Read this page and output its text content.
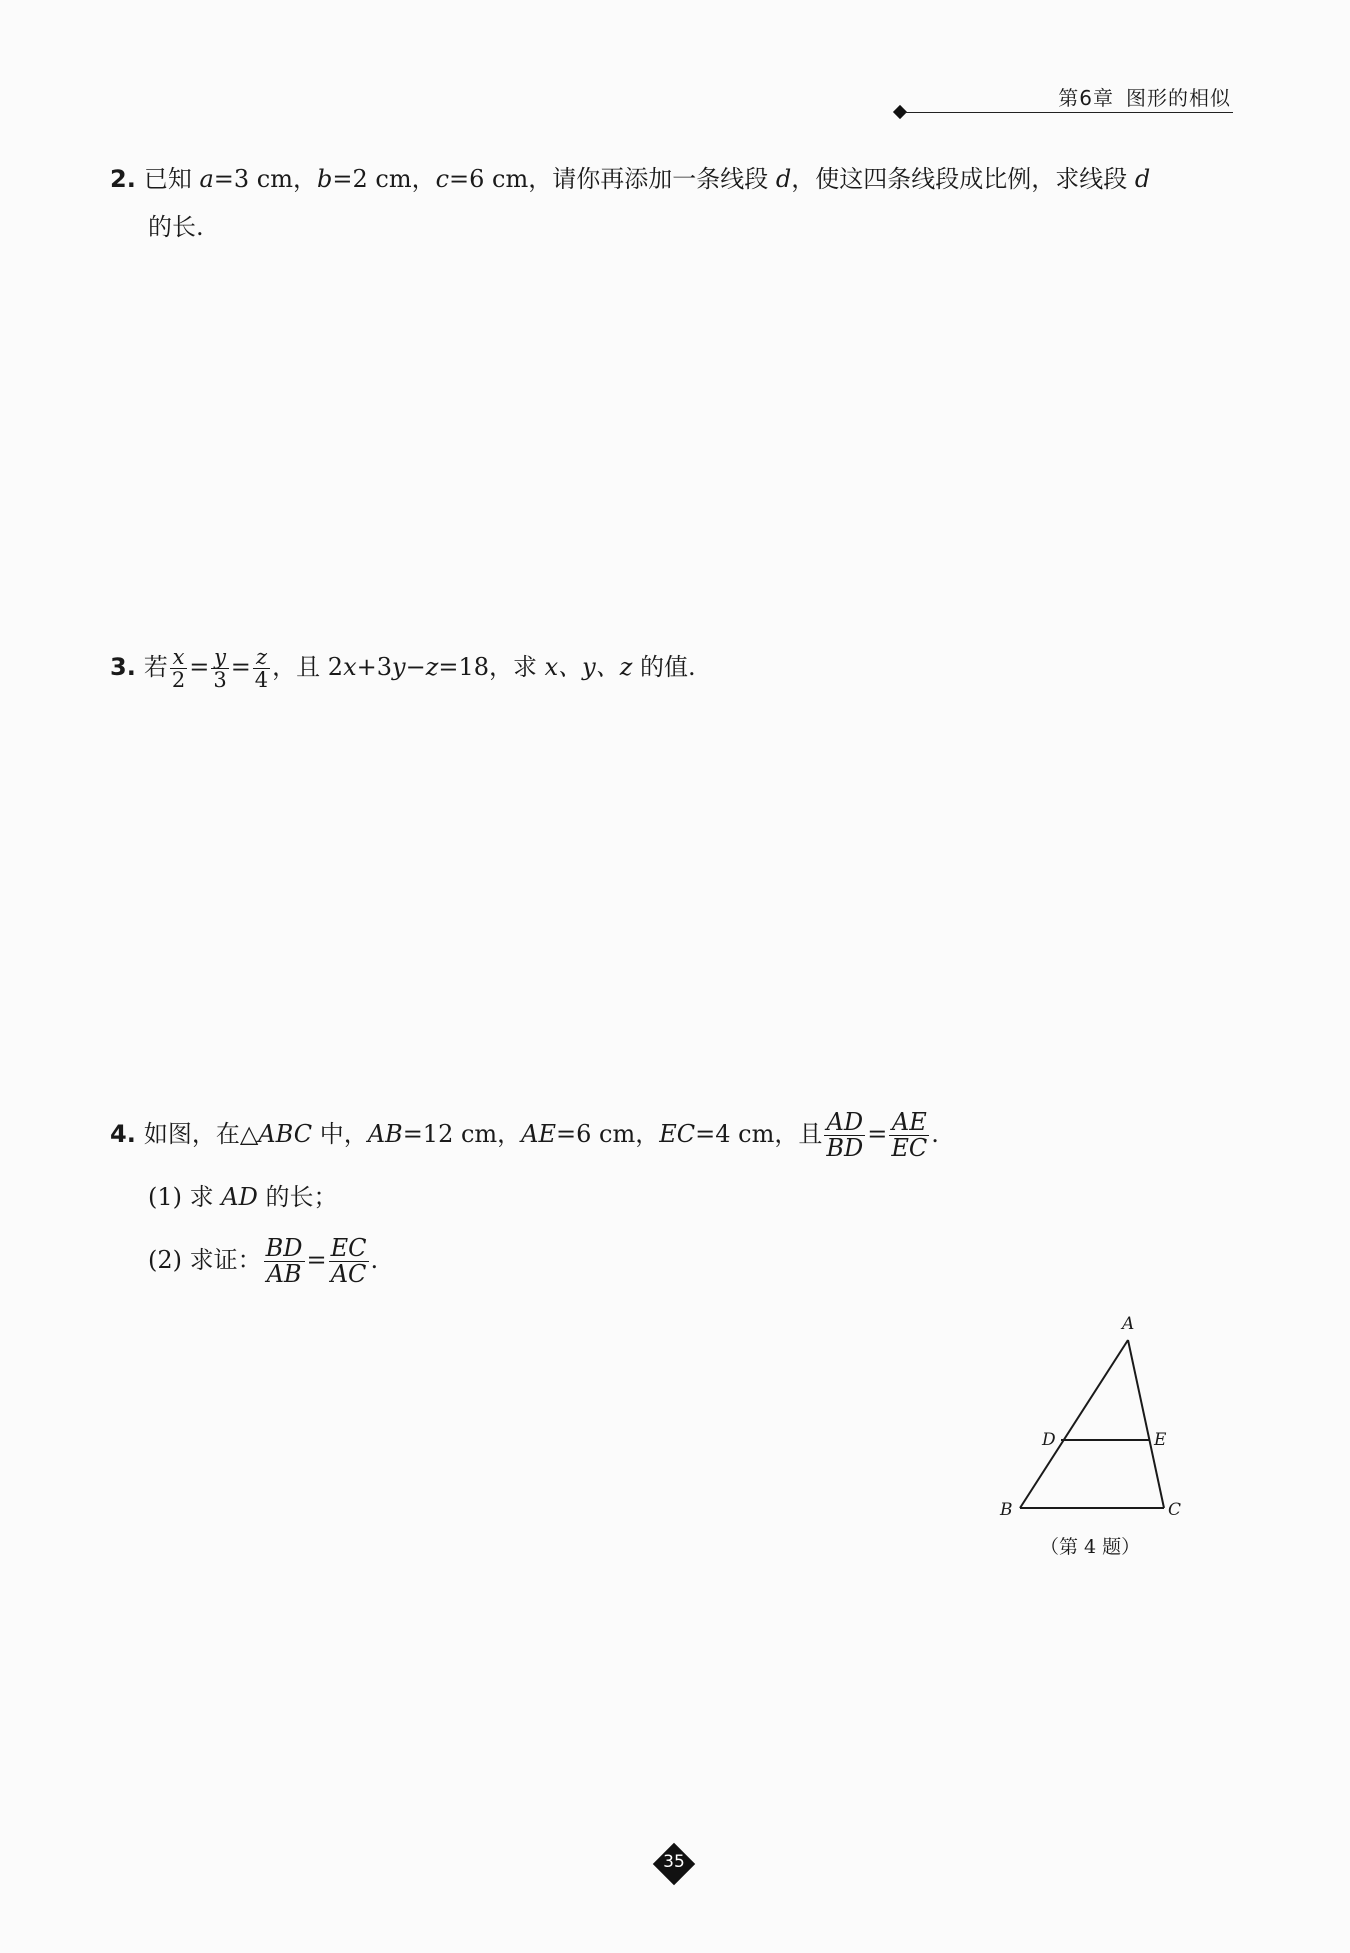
第6章 图形的相似
2. 已知 a=3 cm，b=2 cm，c=6 cm，请你再添加一条线段 d，使这四条线段成比例，求线段 d
的长.
3. 若 $\frac{x}{2} = \frac{y}{3} = \frac{z}{4}$ ，且 2x+3y−z=18，求 x、y、z 的值.
4. 如图，在△ABC 中，AB=12 cm，AE=6 cm，EC=4 cm，且 $\frac{AD}{BD} = \frac{AE}{EC}$ .
(1) 求 AD 的长；
(2) 求证： $\frac{BD}{AB} = \frac{EC}{AC}$ .
A
D	E
B	C
（第 4 题）
35
